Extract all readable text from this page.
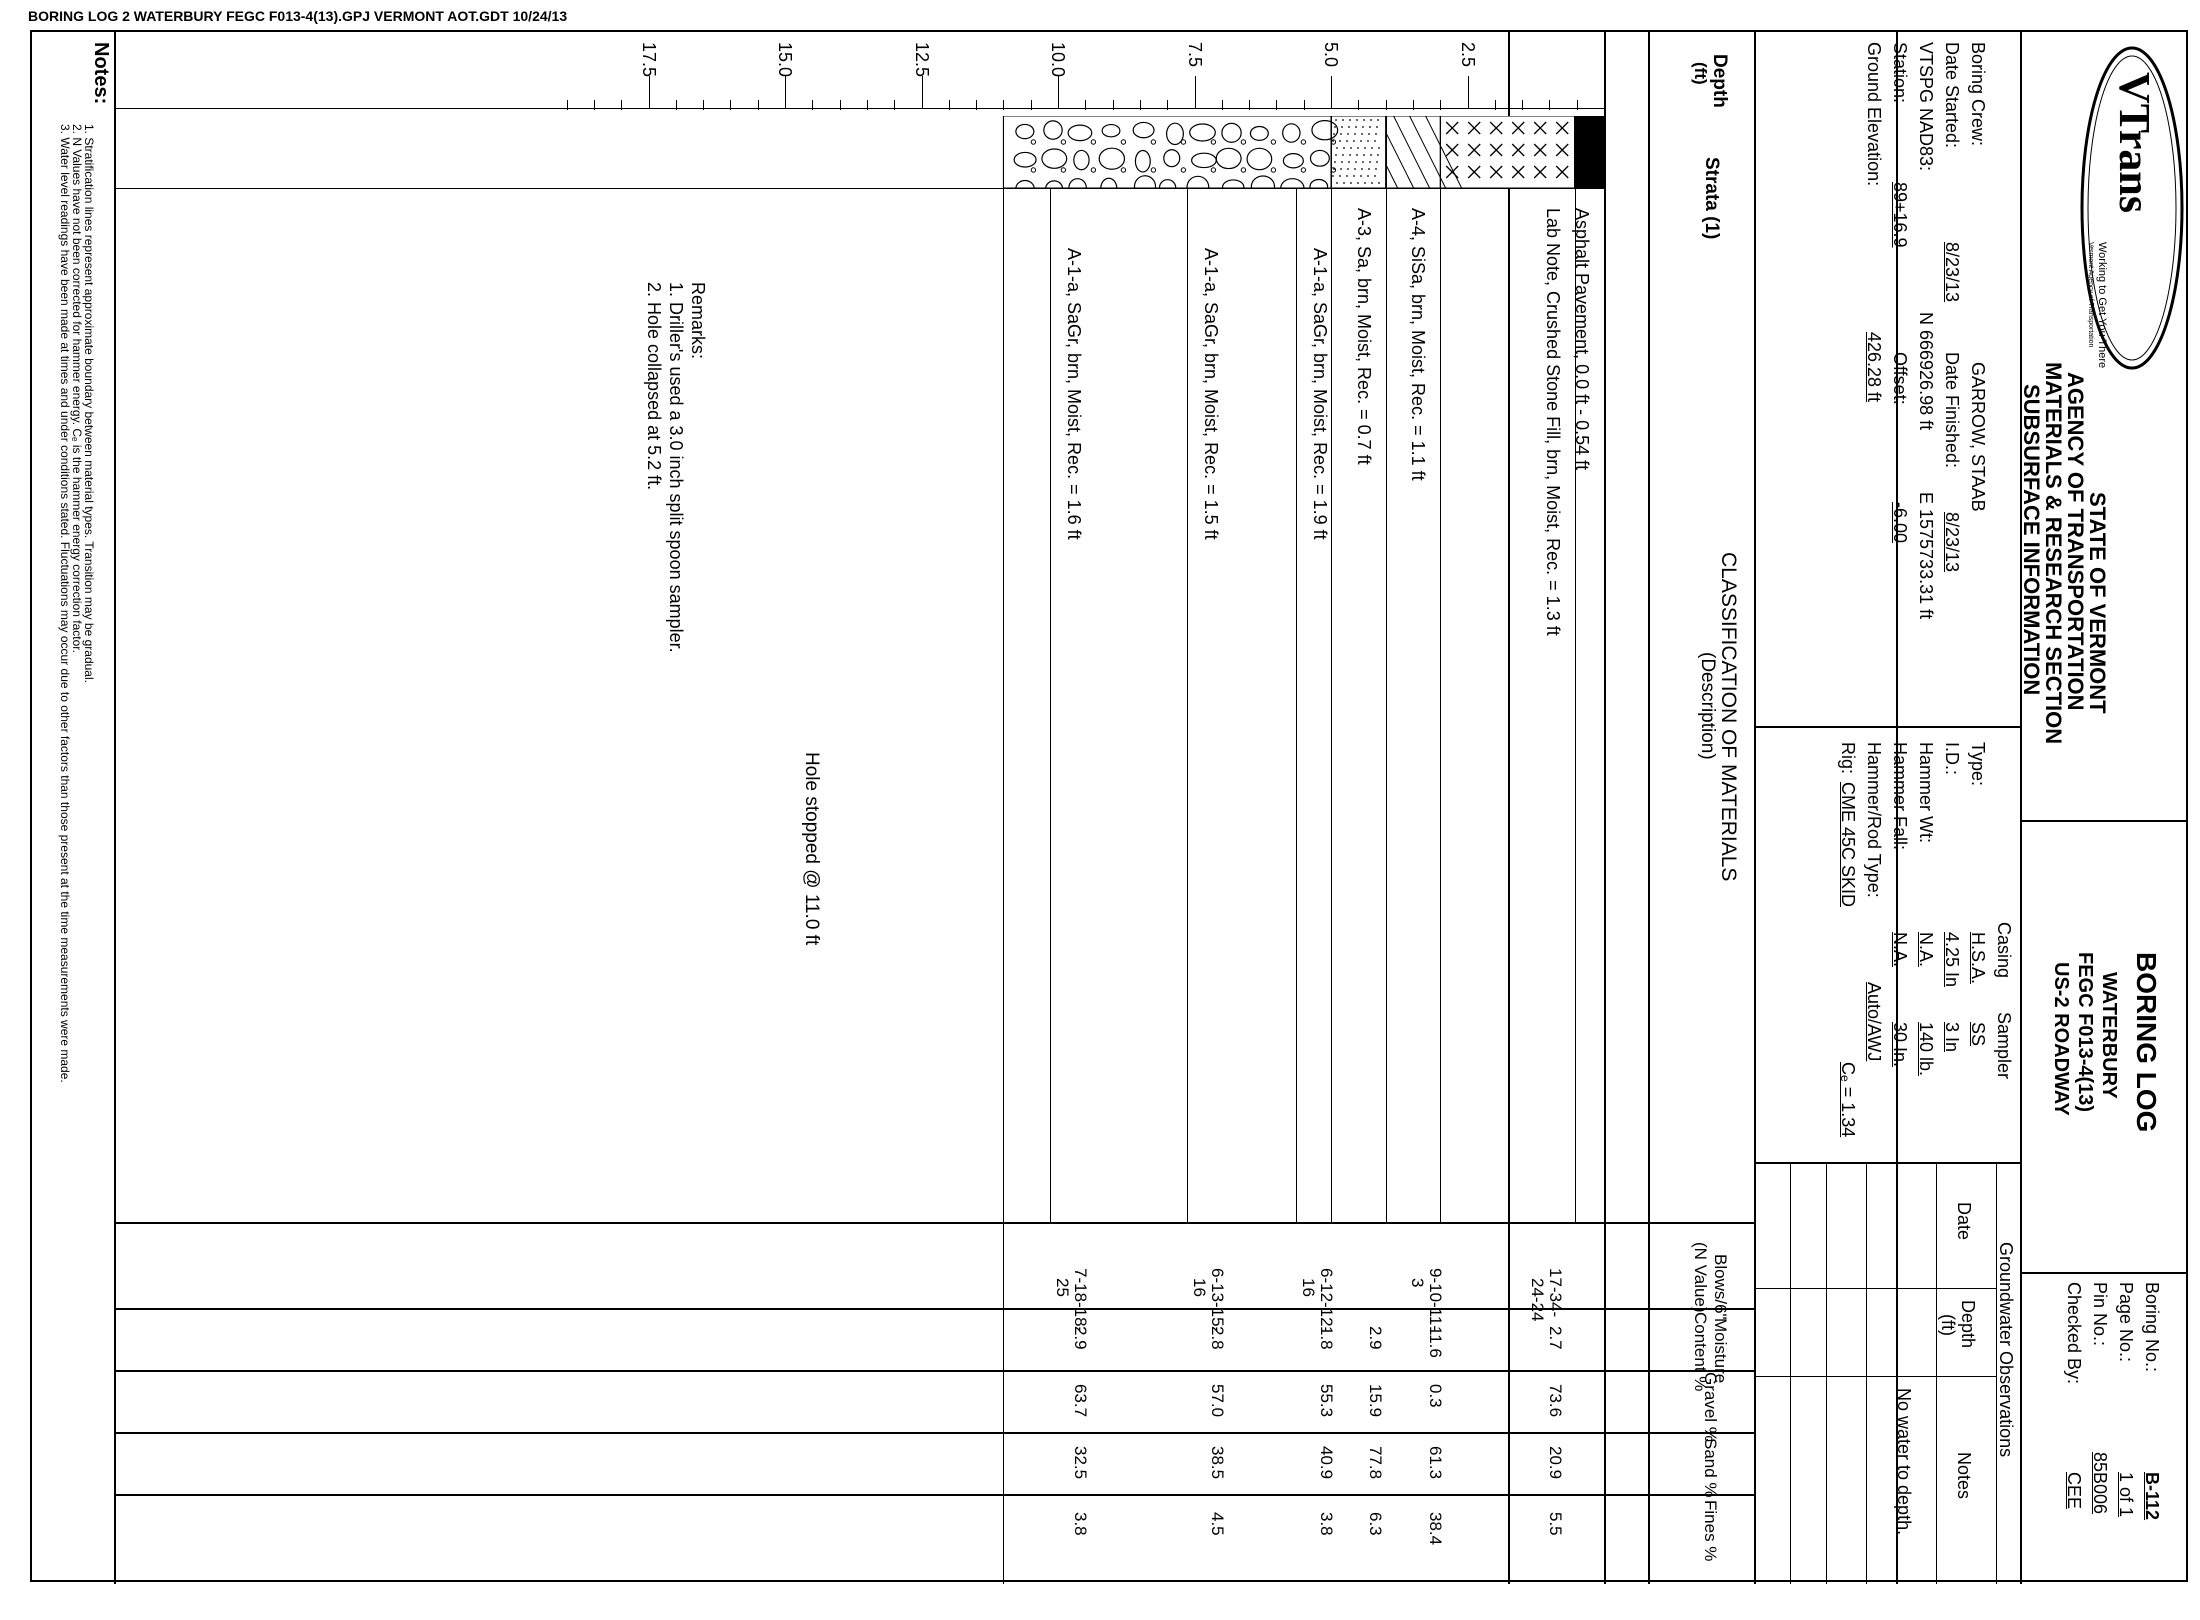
BORING LOG 2 WATERBURY FEGC F013-4(13).GPJ VERMONT AOT.GDT 10/24/13
VTrans
Working to Get You There
Vermont Agency of Transportation
STATE OF VERMONT
AGENCY OF TRANSPORTATION
MATERIALS & RESEARCH SECTION
SUBSURFACE INFORMATION
BORING LOG
WATERBURY
FEGC F013-4(13)
US-2 ROADWAY
Boring No.:
B-112
Page No.:
1 of 1
Pin No.:
85B006
Checked By:
CEE
Boring Crew:
GARROW, STAAB
Date Started:
8/23/13
Date Finished:
8/23/13
VTSPG NAD83:
N 666926.98 ft
E 1575733.31 ft
Station:
89+16.9
Offset:
-6.00
Ground Elevation:
426.28 ft
Casing
Sampler
Type:
H.S.A.
SS
I.D.:
4.25 In
3 In
Hammer Wt:
N.A.
140 lb.
Hammer Fall:
N.A.
30 In.
Hammer/Rod Type:
Auto/AWJ
Rig:
CME 45C SKID
Cₑ = 1.34
Groundwater Observations
Date
Depth
(ft)
Notes
No water to depth.
Depth
(ft)
Strata (1)
CLASSIFICATION OF MATERIALS
(Description)
Blows/6"
(N Value)
Moisture
Content %
Gravel %
Sand %
Fines %
Notes:
1. Stratification lines represent approximate boundary between material types. Transition may be gradual.
2. N Values have not been corrected for hammer energy. Cₑ is the hammer energy correction factor.
3. Water level readings have been made at times and under conditions stated. Fluctuations may occur due to other factors than those present at the time measurements were made.	Remarks:
1. Driller's used a 3.0 inch split spoon sampler.
2. Hole collapsed at 5.2 ft.
Hole stopped @ 11.0 ft
2.5
5.0
7.5
10.0
12.5
15.0
17.5
Asphalt Pavement, 0.0 ft - 0.54 ft
Lab Note, Crushed Stone Fill, brn, Moist, Rec. = 1.3 ft
A-4, SiSa, brn, Moist, Rec. = 1.1 ft
A-3, Sa, brn, Moist, Rec. = 0.7 ft
17-34-
24-24
2.7
73.6
20.9
5.5
9-10-11-
3
11.6
0.3
61.3
38.4
2.9
15.9
77.8
6.3
A-1-a, SaGr, brn, Moist, Rec. = 1.9 ft
6-12-12-
16
1.8
55.3
40.9
3.8
A-1-a, SaGr, brn, Moist, Rec. = 1.5 ft
6-13-15-
16
2.8
57.0
38.5
4.5
A-1-a, SaGr, brn, Moist, Rec. = 1.6 ft
7-18-18-
25
2.9
63.7
32.5
3.8
